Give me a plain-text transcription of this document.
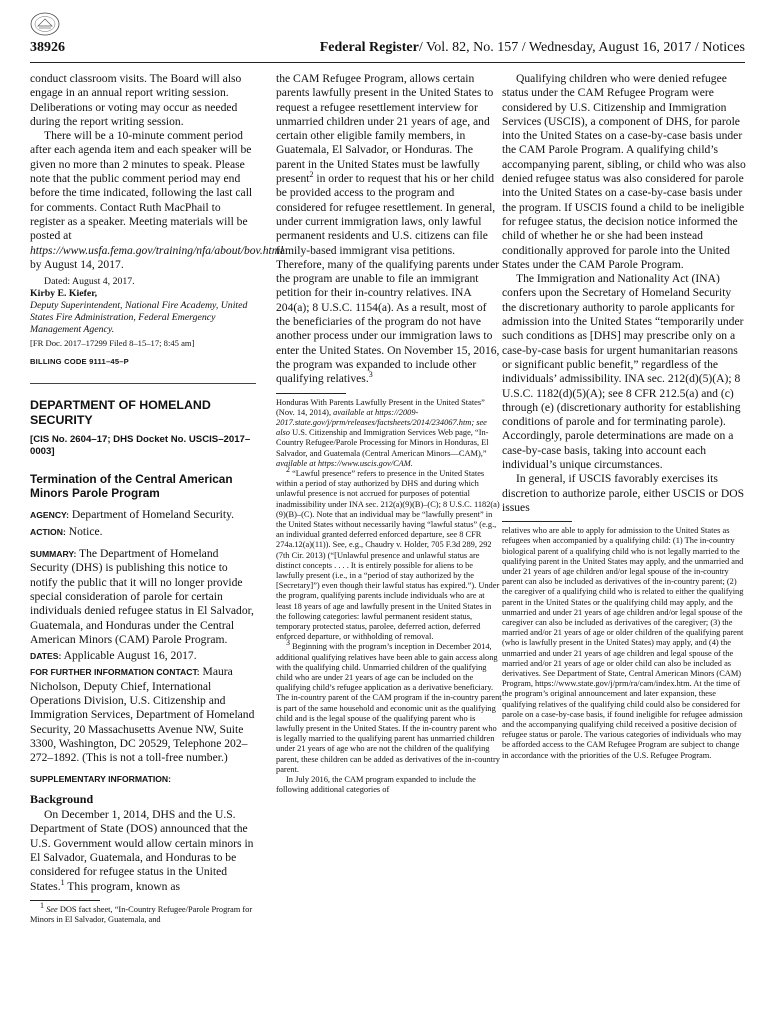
38926	Federal Register/ Vol. 82, No. 157 / Wednesday, August 16, 2017 / Notices

conduct classroom visits. The Board will also engage in an annual report writing session. Deliberations or voting may occur as needed during the report writing session.

There will be a 10-minute comment period after each agenda item and each speaker will be given no more than 2 minutes to speak. Please note that the public comment period may end before the time indicated, following the last call for comments. Contact Ruth MacPhail to register as a speaker. Meeting materials will be posted at https://www.usfa.fema.gov/training/nfa/about/bov.html by August 14, 2017.

Dated: August 4, 2017.

Kirby E. Kiefer,

Deputy Superintendent, National Fire Academy, United States Fire Administration, Federal Emergency Management Agency.

[FR Doc. 2017–17299 Filed 8–15–17; 8:45 am]

BILLING CODE 9111–45–P

DEPARTMENT OF HOMELAND SECURITY

[CIS No. 2604–17; DHS Docket No. USCIS–2017–0003]

Termination of the Central American Minors Parole Program

AGENCY: Department of Homeland Security.

ACTION: Notice.

SUMMARY: The Department of Homeland Security (DHS) is publishing this notice to notify the public that it will no longer provide special consideration of parole for certain individuals denied refugee status in El Salvador, Guatemala, and Honduras under the Central American Minors (CAM) Parole Program.

DATES: Applicable August 16, 2017.

FOR FURTHER INFORMATION CONTACT: Maura Nicholson, Deputy Chief, International Operations Division, U.S. Citizenship and Immigration Services, Department of Homeland Security, 20 Massachusetts Avenue NW, Suite 3300, Washington, DC 20529, Telephone 202–272–1892. (This is not a toll-free number.)

SUPPLEMENTARY INFORMATION:

Background

On December 1, 2014, DHS and the U.S. Department of State (DOS) announced that the U.S. Government would allow certain minors in El Salvador, Guatemala, and Honduras to be considered for refugee status in the United States.$^1$ This program, known as

1 See DOS fact sheet, “In-Country Refugee/Parole Program for Minors in El Salvador, Guatemala, and

the CAM Refugee Program, allows certain parents lawfully present in the United States to request a refugee resettlement interview for unmarried children under 21 years of age, and certain other eligible family members, in Guatemala, El Salvador, or Honduras. The parent in the United States must be lawfully present$^2$ in order to request that his or her child be provided access to the program and considered for refugee resettlement. In general, under current immigration laws, only lawful permanent residents and U.S. citizens can file family-based immigrant visa petitions. Therefore, many of the qualifying parents under the program are unable to file an immigrant petition for their in-country relatives. INA 204(a); 8 U.S.C. 1154(a). As a result, most of the beneficiaries of the program do not have another process under our immigration laws to enter the United States. On November 15, 2016, the program was expanded to include other qualifying relatives.$^3$

Honduras With Parents Lawfully Present in the United States” (Nov. 14, 2014), available at https://2009-2017.state.gov/j/prm/releases/factsheets/2014/234067.htm; see also U.S. Citizenship and Immigration Services Web page, “In-Country Refugee/Parole Processing for Minors in Honduras, El Salvador, and Guatemala (Central American Minors—CAM),” available at https://www.uscis.gov/CAM.

2 “Lawful presence” refers to presence in the United States within a period of stay authorized by DHS and during which unlawful presence is not accrued for purposes of potential inadmissibility under INA sec. 212(a)(9)(B)–(C); 8 U.S.C. 1182(a)(9)(B)–(C). Note that an individual may be “lawfully present” in the United States without necessarily having “lawful status” (e.g., an individual granted deferred enforced departure, see 8 CFR 274a.12(a)(11)). See, e.g., Chaudry v. Holder, 705 F.3d 289, 292 (7th Cir. 2013) (“[Unlawful presence and unlawful status are distinct concepts . . . . It is entirely possible for aliens to be lawfully present (i.e., in a “period of stay authorized by the [Secretary]”) even though their lawful status has expired.”). Under the program, qualifying parents include individuals who are at least 18 years of age and lawfully present in the United States in the following categories: lawful permanent resident status, temporary protected status, parolee, deferred action, deferred enforced departure, or withholding of removal.

3 Beginning with the program’s inception in December 2014, additional qualifying relatives have been able to gain access along with the qualifying child. Unmarried children of the qualifying child who are under 21 years of age can be included on the qualifying child’s refugee application as a derivative beneficiary. The in-country parent of the CAM program if the in-country parent is part of the same household and economic unit as the qualifying child and is the legal spouse of the qualifying parent who is lawfully present in the United States. If the in-country parent who is legally married to the qualifying parent has unmarried children under 21 years of age who are not the children of the qualifying parent, these children can be added as derivatives of the in-country parent.

In July 2016, the CAM program expanded to include the following additional categories of

Qualifying children who were denied refugee status under the CAM Refugee Program were considered by U.S. Citizenship and Immigration Services (USCIS), a component of DHS, for parole into the United States on a case-by-case basis under the CAM Parole Program. A qualifying child’s accompanying parent, sibling, or child who was also denied refugee status was also considered for parole into the United States on a case-by-case basis under the program. If USCIS found a child to be ineligible for refugee status, the decision notice informed the child of whether he or she had been instead conditionally approved for parole into the United States under the CAM Parole Program.

The Immigration and Nationality Act (INA) confers upon the Secretary of Homeland Security the discretionary authority to parole applicants for admission into the United States “temporarily under such conditions as [DHS] may prescribe only on a case-by-case basis for urgent humanitarian reasons or significant public benefit,” regardless of the individuals’ admissibility. INA sec. 212(d)(5)(A); 8 U.S.C. 1182(d)(5)(A); see 8 CFR 212.5(a) and (c) through (e) (discretionary authority for establishing conditions of parole and for terminating parole). Accordingly, parole determinations are made on a case-by-case basis, taking into account each individual’s unique circumstances.

In general, if USCIS favorably exercises its discretion to authorize parole, either USCIS or DOS issues

relatives who are able to apply for admission to the United States as refugees when accompanied by a qualifying child: (1) The in-country biological parent of a qualifying child who is not legally married to the qualifying parent in the United States may apply, and the unmarried and under 21 years of age children and/or legal spouse of the in-country parent can also be included as derivatives of the in-country parent; (2) the caregiver of a qualifying child who is related to either the qualifying parent in the United States or the qualifying child may apply, and the unmarried and under 21 years of age children and/or legal spouse of the caregiver can also be included as derivatives of the caregiver; (3) the married and/or 21 years of age or older children of the qualifying parent (who is lawfully present in the United States) may apply, and (4) the unmarried and under 21 years of age children and legal spouse of the married and/or 21 years of age or older child can also be included as derivatives. See Department of State, Central American Minors (CAM) Program, https://www.state.gov/j/prm/ra/cam/index.htm. At the time of the program’s original announcement and later expansion, these qualifying relatives of the qualifying child could also be considered for parole on a case-by-case basis, if found ineligible for refugee admission and the accompanying qualifying child received a positive decision of refugee status or parole. The various categories of individuals who may be afforded access to the CAM Refugee Program are subject to change in accordance with the priorities of the U.S. Refugee Program.
